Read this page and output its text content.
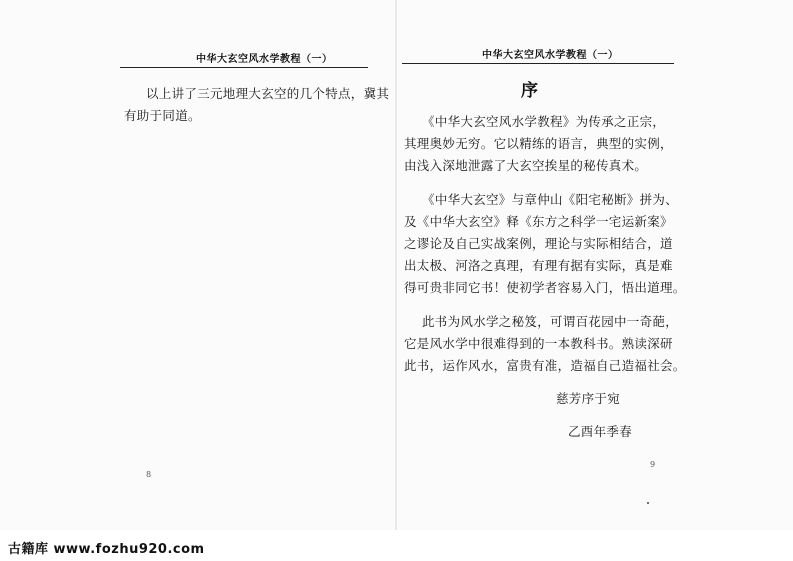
中华大玄空风水学教程（一）
以上讲了三元地理大玄空的几个特点，冀其
有助于同道。
8
中华大玄空风水学教程（一）
序
《中华大玄空风水学教程》为传承之正宗，
其理奥妙无穷。它以精练的语言，典型的实例，
由浅入深地泄露了大玄空挨星的秘传真术。
《中华大玄空》与章仲山《阳宅秘断》拼为、
及《中华大玄空》释《东方之科学一宅运新案》
之谬论及自己实战案例，理论与实际相结合，道
出太极、河洛之真理，有理有据有实际，真是难
得可贵非同它书！使初学者容易入门，悟出道理。
此书为风水学之秘笈，可谓百花园中一奇葩，
它是风水学中很难得到的一本教科书。熟读深研
此书，运作风水，富贵有准，造福自己造福社会。
慈芳序于宛
乙酉年季春
9
古籍库 www.fozhu920.com
